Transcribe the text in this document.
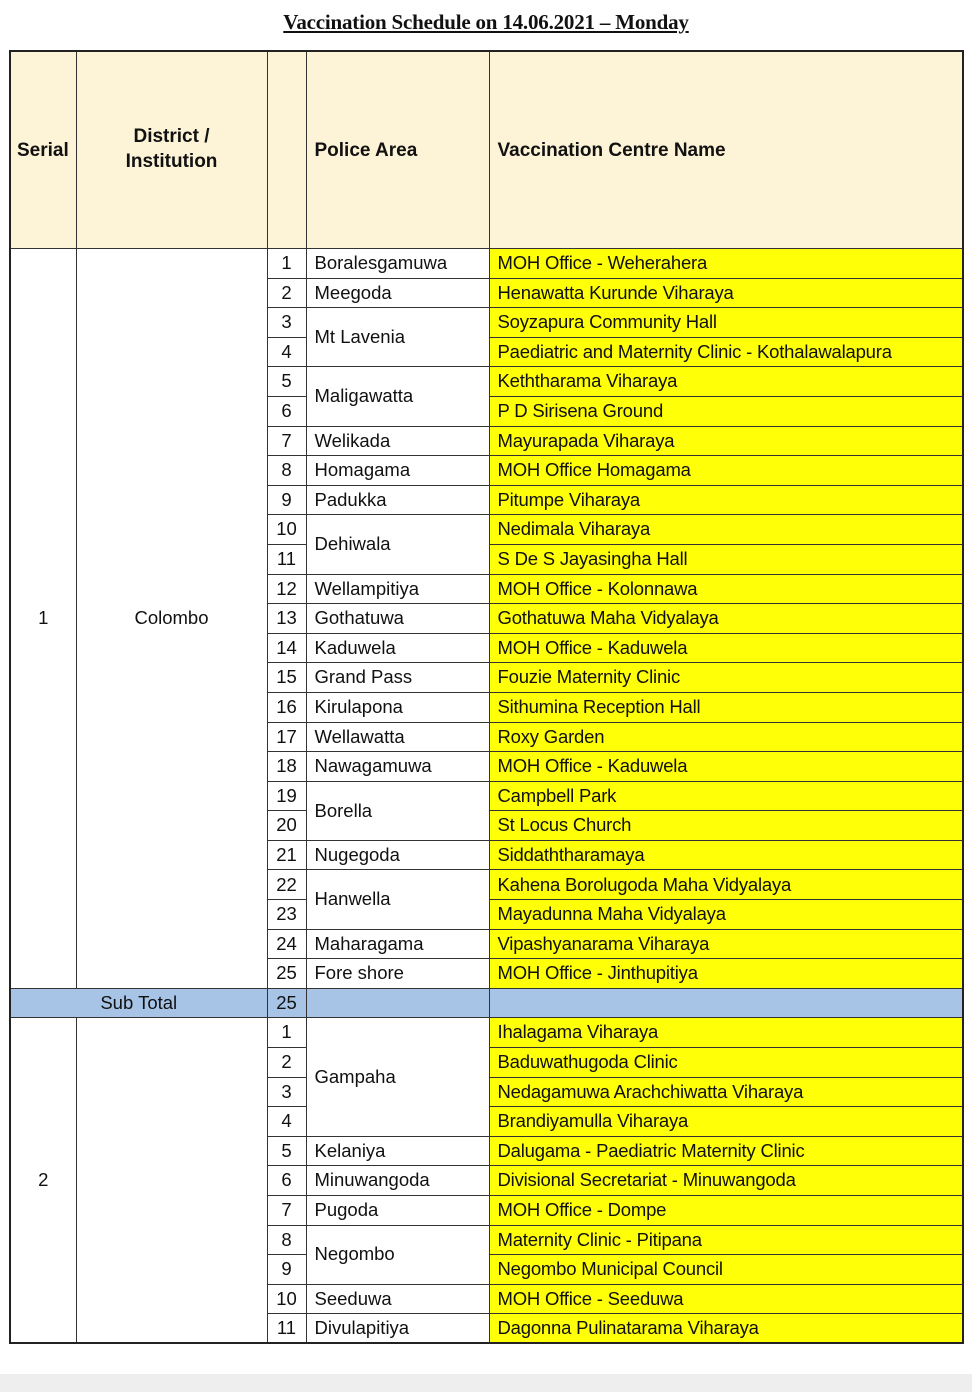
Vaccination Schedule on 14.06.2021 – Monday
Serial	District / Institution		Police Area	Vaccination Centre Name
1	Colombo	1	Boralesgamuwa	MOH Office - Weherahera
		2	Meegoda	Henawatta Kurunde Viharaya
		3	Mt Lavenia	Soyzapura Community Hall
		4		Paediatric and Maternity Clinic - Kothalawalapura
		5	Maligawatta	Keththarama Viharaya
		6		P D Sirisena Ground
		7	Welikada	Mayurapada Viharaya
		8	Homagama	MOH Office Homagama
		9	Padukka	Pitumpe Viharaya
		10	Dehiwala	Nedimala Viharaya
		11		S De S Jayasingha Hall
		12	Wellampitiya	MOH Office - Kolonnawa
		13	Gothatuwa	Gothatuwa Maha Vidyalaya
		14	Kaduwela	MOH Office - Kaduwela
		15	Grand Pass	Fouzie Maternity Clinic
		16	Kirulapona	Sithumina Reception Hall
		17	Wellawatta	Roxy Garden
		18	Nawagamuwa	MOH Office - Kaduwela
		19	Borella	Campbell Park
		20		St Locus Church
		21	Nugegoda	Siddaththaramaya
		22	Hanwella	Kahena Borolugoda Maha Vidyalaya
		23		Mayadunna Maha Vidyalaya
		24	Maharagama	Vipashyanarama Viharaya
		25	Fore shore	MOH Office - Jinthupitiya
Sub Total		25		
2		1	Gampaha	Ihalagama Viharaya
		2		Baduwathugoda Clinic
		3		Nedagamuwa Arachchiwatta Viharaya
		4		Brandiyamulla Viharaya
		5	Kelaniya	Dalugama - Paediatric Maternity Clinic
		6	Minuwangoda	Divisional Secretariat - Minuwangoda
		7	Pugoda	MOH Office - Dompe
		8	Negombo	Maternity Clinic - Pitipana
		9		Negombo Municipal Council
		10	Seeduwa	MOH Office - Seeduwa
		11	Divulapitiya	Dagonna Pulinatarama Viharaya
